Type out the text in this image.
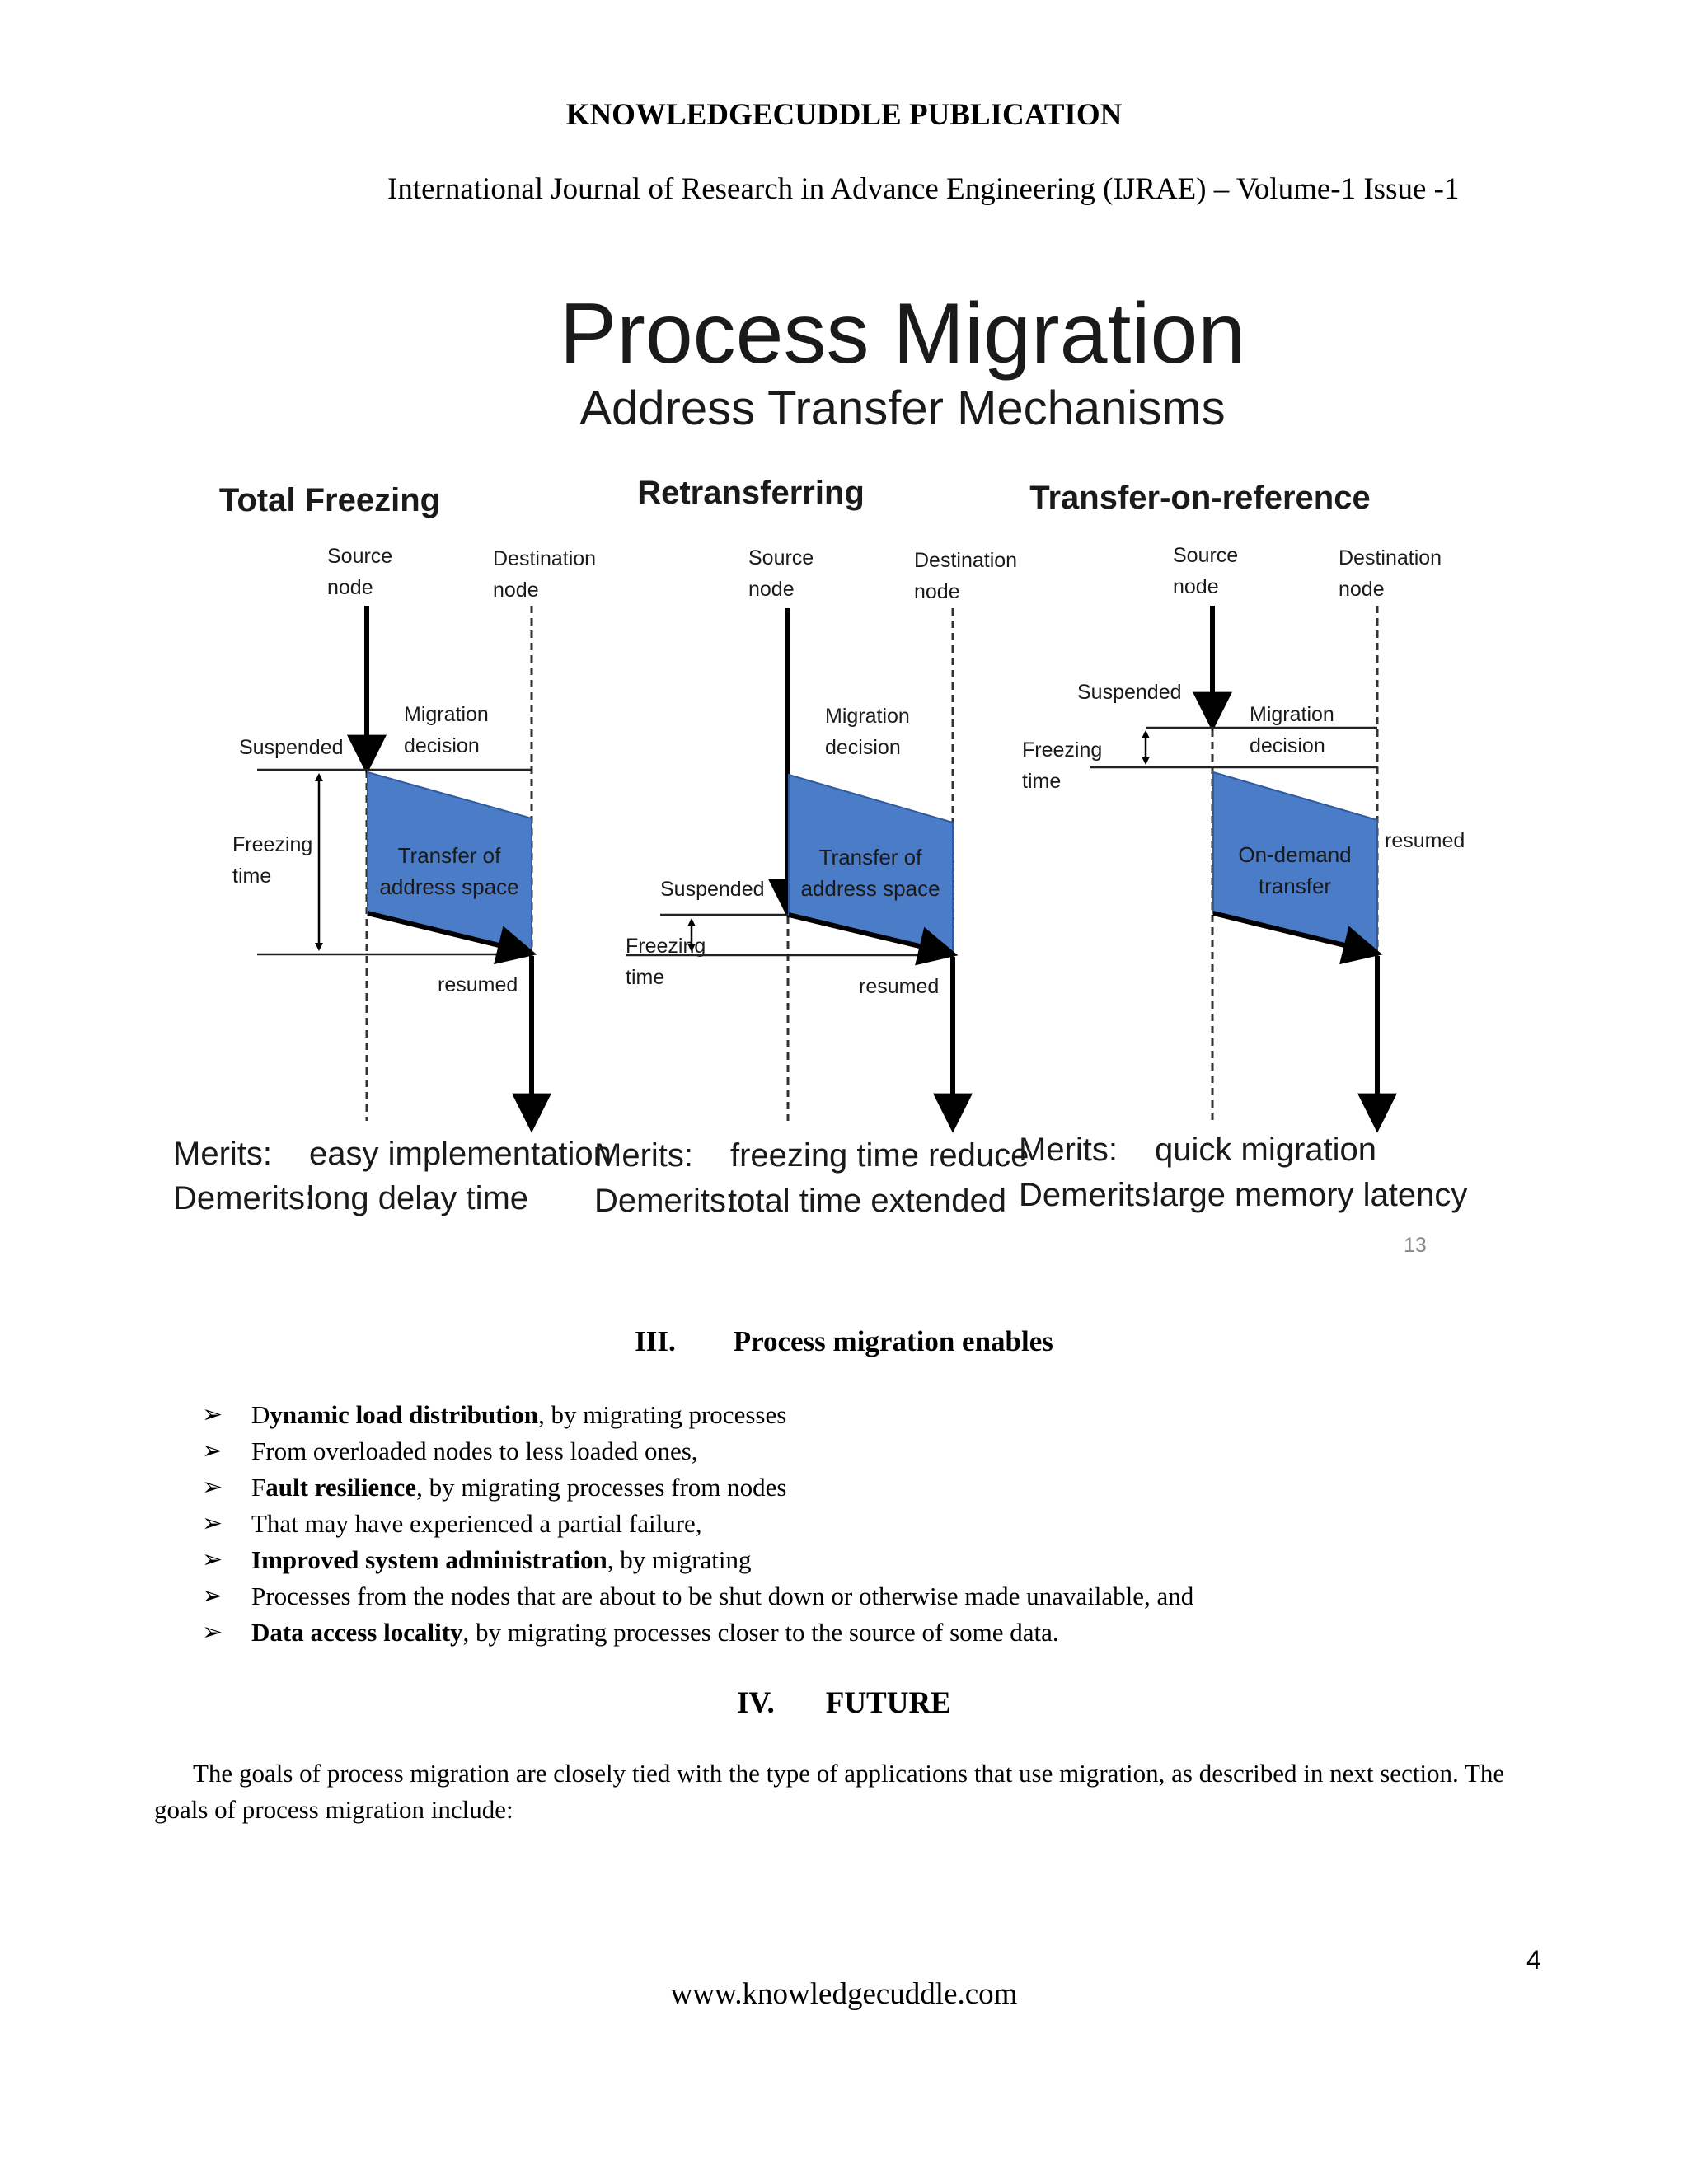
KNOWLEDGECUDDLE PUBLICATION
International Journal of Research in Advance Engineering (IJRAE) – Volume-1 Issue -1
Process Migration
Address Transfer Mechanisms
Total Freezing
Source
node
Destination
node
Migration
decision
Suspended
Freezing
time
resumed
Transfer of
address space
Merits: easy implementation
Demerits:
long delay time
Retransferring
Source
node
Destination
node
Migration
decision
Suspended
Freezing
time	resumed
Transfer of
address space
Merits: freezing time reduce
Demerits:
total time extended
Transfer-on-reference
Source
node
Destination
node
Migration
decision
Suspended
Freezing
time
resumed
On-demand
transfer
Merits: quick migration
Demerits:
large memory latency
13
III. Process migration enables
➢ Dynamic load distribution, by migrating processes
➢ From overloaded nodes to less loaded ones,
➢ Fault resilience, by migrating processes from nodes
➢ That may have experienced a partial failure,
➢ Improved system administration, by migrating
➢ Processes from the nodes that are about to be shut down or otherwise made unavailable, and
➢ Data access locality, by migrating processes closer to the source of some data.
IV. FUTURE
The goals of process migration are closely tied with the type of applications that use migration, as described in next section. The goals of process migration include:
4
www.knowledgecuddle.com
